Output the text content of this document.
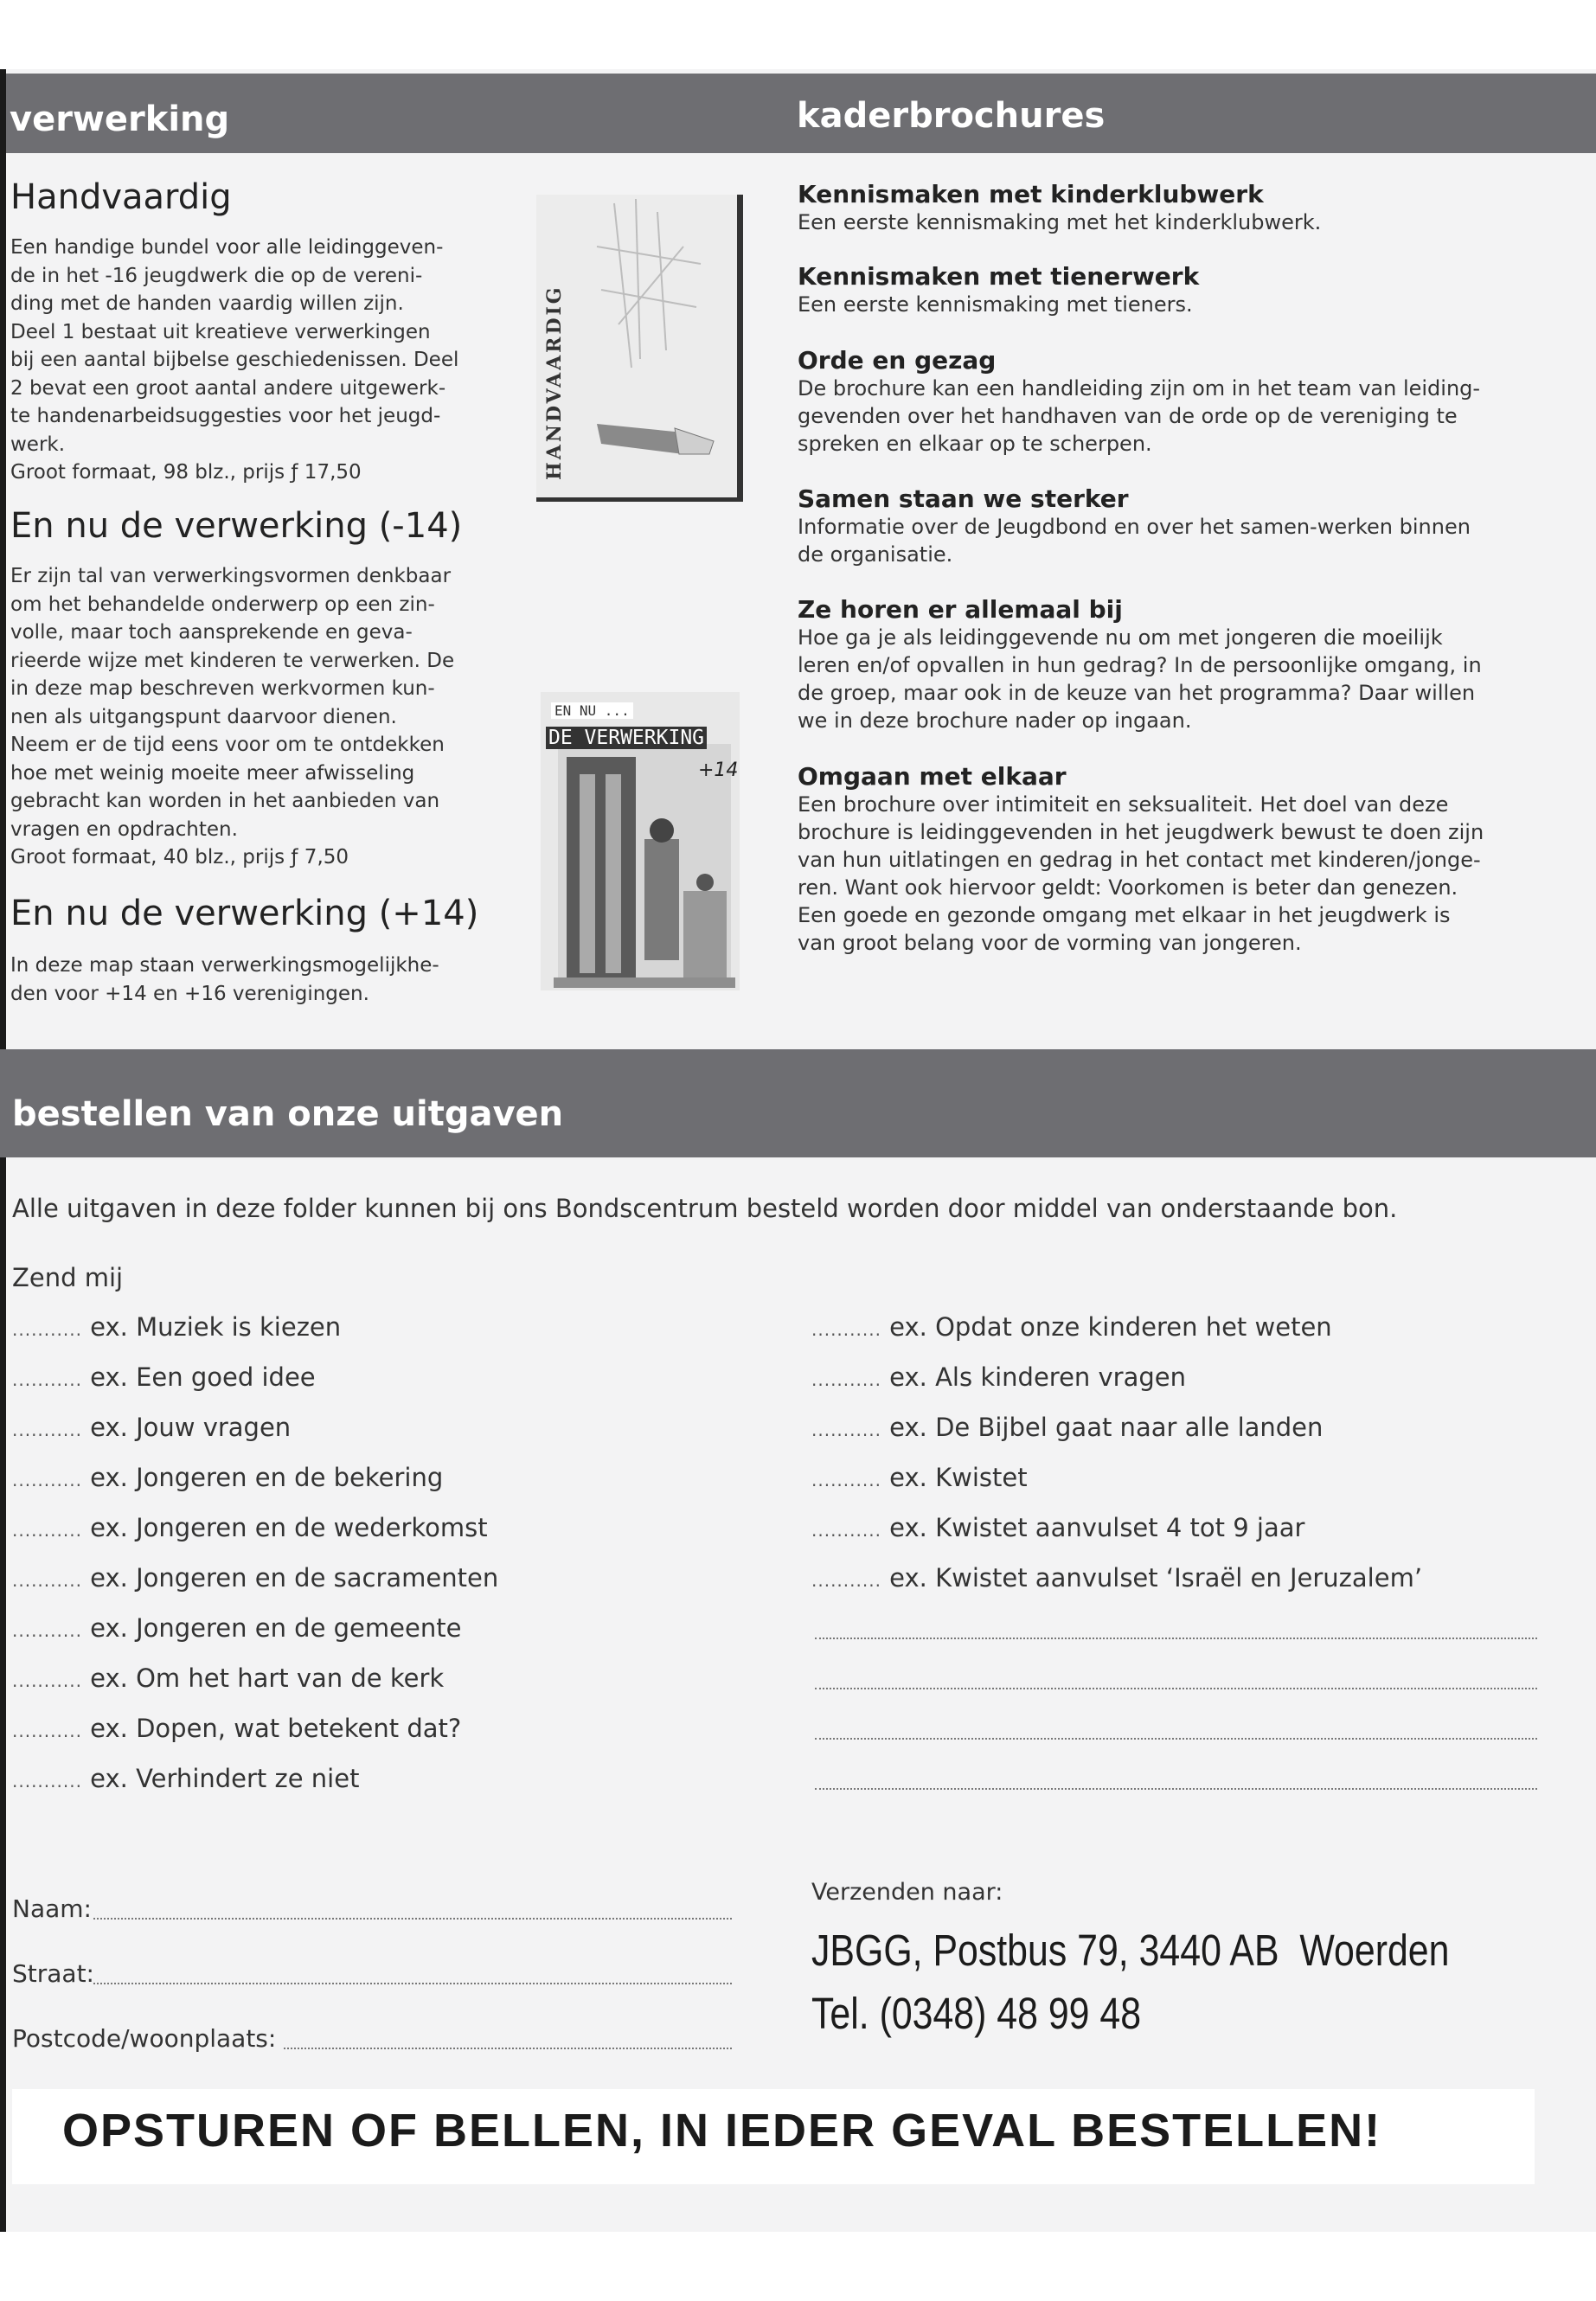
verwerking	kaderbrochures
Handvaardig
Een handige bundel voor alle leidinggeven-
de in het -16 jeugdwerk die op de vereni-
ding met de handen vaardig willen zijn.
Deel 1 bestaat uit kreatieve verwerkingen
bij een aantal bijbelse geschiedenissen. Deel
2 bevat een groot aantal andere uitgewerk-
te handenarbeidsuggesties voor het jeugd-
werk.
Groot formaat, 98 blz., prijs ƒ 17,50
En nu de verwerking (-14)
Er zijn tal van verwerkingsvormen denkbaar
om het behandelde onderwerp op een zin-
volle, maar toch aansprekende en geva-
rieerde wijze met kinderen te verwerken. De
in deze map beschreven werkvormen kun-
nen als uitgangspunt daarvoor dienen.
Neem er de tijd eens voor om te ontdekken
hoe met weinig moeite meer afwisseling
gebracht kan worden in het aanbieden van
vragen en opdrachten.
Groot formaat, 40 blz., prijs ƒ 7,50
En nu de verwerking (+14)
In deze map staan verwerkingsmogelijkhe-
den voor +14 en +16 verenigingen.
HANDVAARDIG
EN NU ...
DE VERWERKING
+14
Kennismaken met kinderklubwerk
Een eerste kennismaking met het kinderklubwerk.
Kennismaken met tienerwerk
Een eerste kennismaking met tieners.
Orde en gezag
De brochure kan een handleiding zijn om in het team van leiding-
gevenden over het handhaven van de orde op de vereniging te
spreken en elkaar op te scherpen.
Samen staan we sterker
Informatie over de Jeugdbond en over het samen-werken binnen
de organisatie.
Ze horen er allemaal bij
Hoe ga je als leidinggevende nu om met jongeren die moeilijk
leren en/of opvallen in hun gedrag? In de persoonlijke omgang, in
de groep, maar ook in de keuze van het programma? Daar willen
we in deze brochure nader op ingaan.
Omgaan met elkaar
Een brochure over intimiteit en seksualiteit. Het doel van deze
brochure is leidinggevenden in het jeugdwerk bewust te doen zijn
van hun uitlatingen en gedrag in het contact met kinderen/jonge-
ren. Want ook hiervoor geldt: Voorkomen is beter dan genezen.
Een goede en gezonde omgang met elkaar in het jeugdwerk is
van groot belang voor de vorming van jongeren.
bestellen van onze uitgaven
Alle uitgaven in deze folder kunnen bij ons Bondscentrum besteld worden door middel van onderstaande bon.
Zend mij
........... ex. Muziek is kiezen
........... ex. Een goed idee
........... ex. Jouw vragen
........... ex. Jongeren en de bekering
........... ex. Jongeren en de wederkomst
........... ex. Jongeren en de sacramenten
........... ex. Jongeren en de gemeente
........... ex. Om het hart van de kerk
........... ex. Dopen, wat betekent dat?
........... ex. Verhindert ze niet
........... ex. Opdat onze kinderen het weten
........... ex. Als kinderen vragen
........... ex. De Bijbel gaat naar alle landen
........... ex. Kwistet
........... ex. Kwistet aanvulset 4 tot 9 jaar
........... ex. Kwistet aanvulset ‘Israël en Jeruzalem’
Naam:
Straat:
Postcode/woonplaats:
Verzenden naar:
JBGG, Postbus 79, 3440 AB  Woerden
Tel. (0348) 48 99 48
OPSTUREN OF BELLEN, IN IEDER GEVAL BESTELLEN!
